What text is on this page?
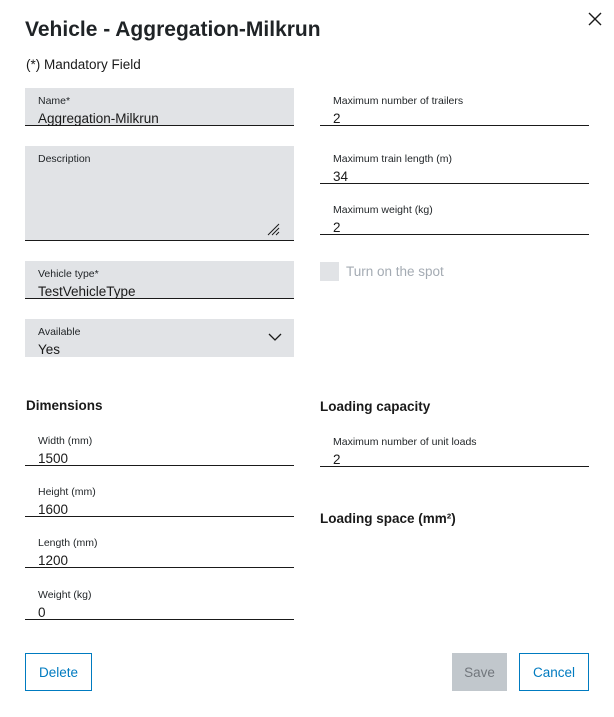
Vehicle - Aggregation-Milkrun
(*) Mandatory Field
Name*
Aggregation-Milkrun
Description
Vehicle type*
TestVehicleType
Available
Yes
Maximum number of trailers
2
Maximum train length (m)
34
Maximum weight (kg)
2
Turn on the spot
Dimensions
Width (mm)
1500
Height (mm)
1600
Length (mm)
1200
Weight (kg)
0
Loading capacity
Maximum number of unit loads
2
Loading space (mm²)
Delete	Save	Cancel
